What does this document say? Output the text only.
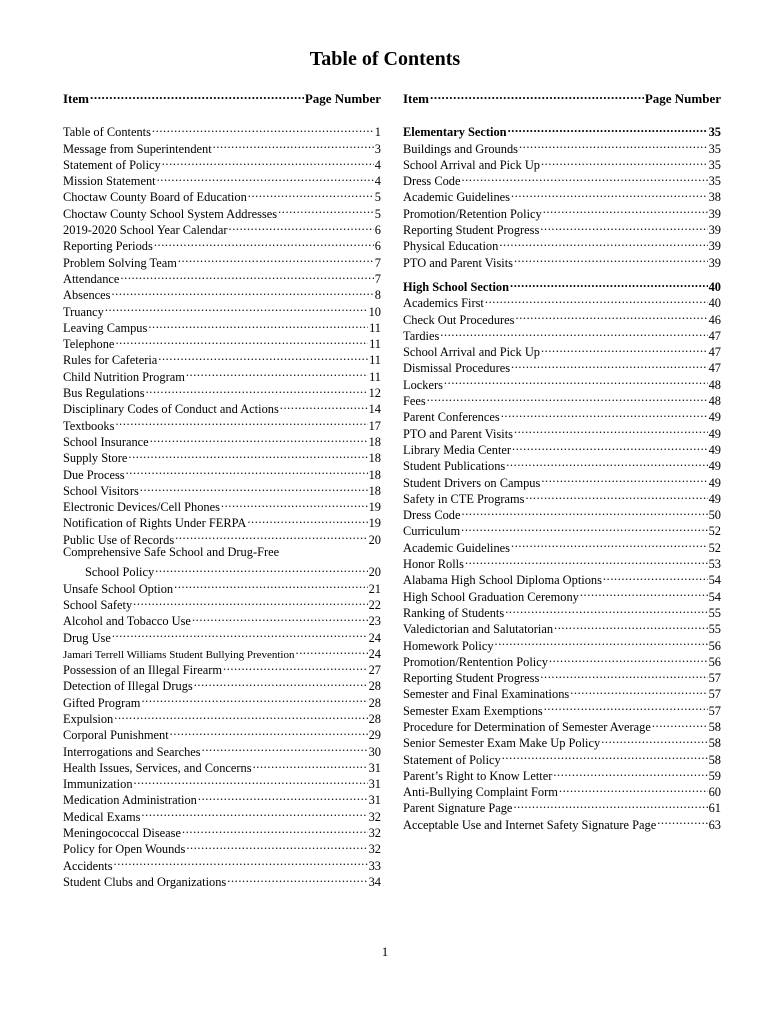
Table of Contents
Item .....	Page Number
Table of Contents .....	1
Message from Superintendent .....	3
Statement of Policy .....	4
Mission Statement .....	4
Choctaw County Board of Education .....	5
Choctaw County School System Addresses .....	5
2019-2020 School Year Calendar .....	6
Reporting Periods .....	6
Problem Solving Team .....	7
Attendance .....	7
Absences .....	8
Truancy .....	10
Leaving Campus .....	11
Telephone .....	11
Rules for Cafeteria .....	11
Child Nutrition Program .....	11
Bus Regulations .....	12
Disciplinary Codes of Conduct and Actions .....	14
Textbooks .....	17
School Insurance .....	18
Supply Store .....	18
Due Process .....	18
School Visitors .....	18
Electronic Devices/Cell Phones .....	19
Notification of Rights Under FERPA .....	19
Public Use of Records .....	20
Comprehensive Safe School and Drug-Free
School Policy .....	20
Unsafe School Option .....	21
School Safety .....	22
Alcohol and Tobacco Use .....	23
Drug Use .....	24
Jamari Terrell Williams Student Bullying Prevention .....	24
Possession of an Illegal Firearm .....	27
Detection of Illegal Drugs .....	28
Gifted Program .....	28
Expulsion .....	28
Corporal Punishment .....	29
Interrogations and Searches .....	30
Health Issues, Services, and Concerns .....	31
Immunization .....	31
Medication Administration .....	31
Medical Exams .....	32
Meningococcal Disease .....	32
Policy for Open Wounds .....	32
Accidents .....	33
Student Clubs and Organizations .....	34
Item .....	Page Number
Elementary Section .....	35
Buildings and Grounds .....	35
School Arrival and Pick Up .....	35
Dress Code .....	35
Academic Guidelines .....	38
Promotion/Retention Policy .....	39
Reporting Student Progress .....	39
Physical Education .....	39
PTO and Parent Visits .....	39
High School Section .....	40
Academics First .....	40
Check Out Procedures .....	46
Tardies .....	47
School Arrival and Pick Up .....	47
Dismissal Procedures .....	47
Lockers .....	48
Fees .....	48
Parent Conferences .....	49
PTO and Parent Visits .....	49
Library Media Center .....	49
Student Publications .....	49
Student Drivers on Campus .....	49
Safety in CTE Programs .....	49
Dress Code .....	50
Curriculum .....	52
Academic Guidelines .....	52
Honor Rolls .....	53
Alabama High School Diploma Options .....	54
High School Graduation Ceremony .....	54
Ranking of Students .....	55
Valedictorian and Salutatorian .....	55
Homework Policy .....	56
Promotion/Rentention Policy .....	56
Reporting Student Progress .....	57
Semester and Final Examinations .....	57
Semester Exam Exemptions .....	57
Procedure for Determination of Semester Average .....	58
Senior Semester Exam Make Up Policy .....	58
Statement of Policy .....	58
Parent’s Right to Know Letter .....	59
Anti-Bullying Complaint Form .....	60
Parent Signature Page .....	61
Acceptable Use and Internet Safety Signature Page .....	63
1
